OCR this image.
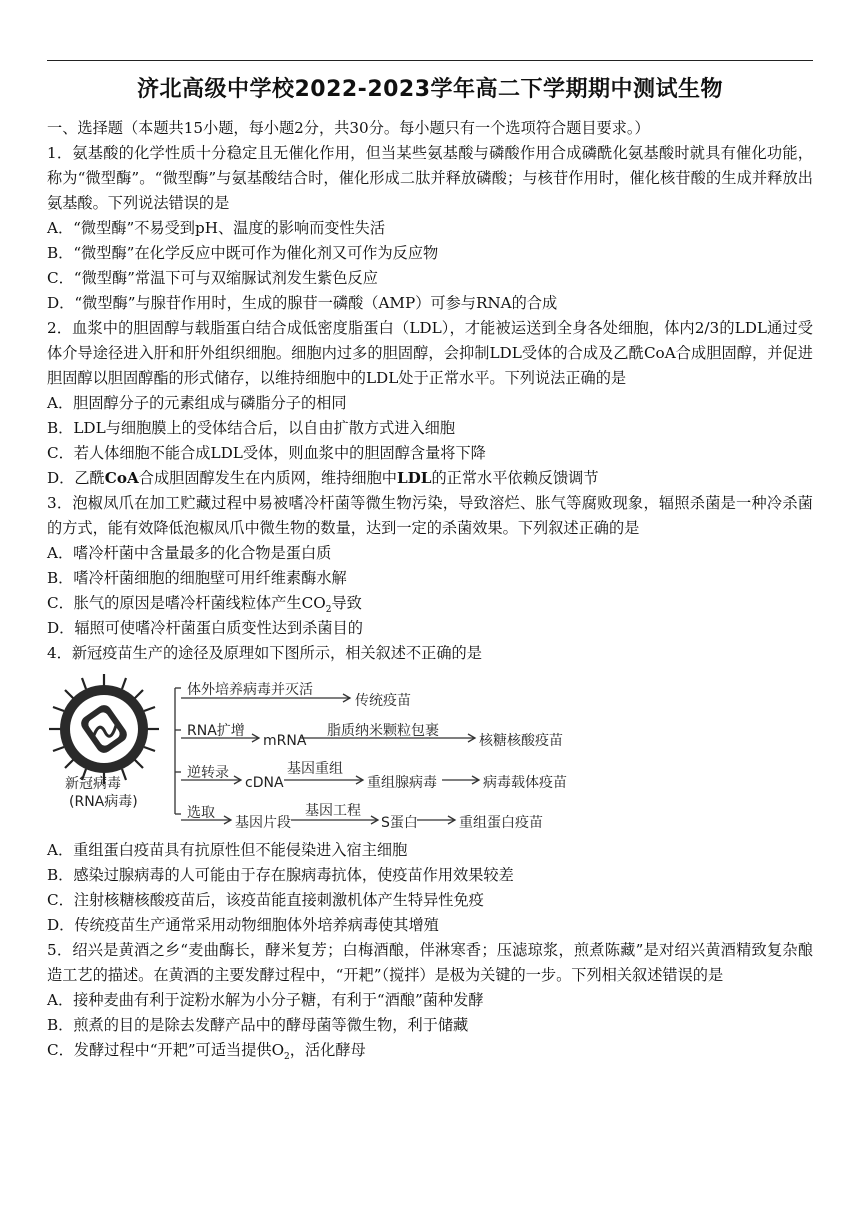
济北高级中学校2022-2023学年高二下学期期中测试生物
一、选择题（本题共15小题，每小题2分，共30分。每小题只有一个选项符合题目要求。）
1．氨基酸的化学性质十分稳定且无催化作用，但当某些氨基酸与磷酸作用合成磷酰化氨基酸时就具有催化功能，称为“微型酶”。“微型酶”与氨基酸结合时，催化形成二肽并释放磷酸；与核苷作用时，催化核苷酸的生成并释放出氨基酸。下列说法错误的是
A．“微型酶”不易受到pH、温度的影响而变性失活
B．“微型酶”在化学反应中既可作为催化剂又可作为反应物
C．“微型酶”常温下可与双缩脲试剂发生紫色反应
D．“微型酶”与腺苷作用时，生成的腺苷一磷酸（AMP）可参与RNA的合成
2．血浆中的胆固醇与载脂蛋白结合成低密度脂蛋白（LDL），才能被运送到全身各处细胞，体内2/3的LDL通过受体介导途径进入肝和肝外组织细胞。细胞内过多的胆固醇，会抑制LDL受体的合成及乙酰CoA合成胆固醇，并促进胆固醇以胆固醇酯的形式储存，以维持细胞中的LDL处于正常水平。下列说法正确的是
A．胆固醇分子的元素组成与磷脂分子的相同
B．LDL与细胞膜上的受体结合后，以自由扩散方式进入细胞
C．若人体细胞不能合成LDL受体，则血浆中的胆固醇含量将下降
D．乙酰CoA合成胆固醇发生在内质网，维持细胞中LDL的正常水平依赖反馈调节
3．泡椒凤爪在加工贮藏过程中易被嗜冷杆菌等微生物污染，导致溶烂、胀气等腐败现象，辐照杀菌是一种冷杀菌的方式，能有效降低泡椒凤爪中微生物的数量，达到一定的杀菌效果。下列叙述正确的是
A．嗜冷杆菌中含量最多的化合物是蛋白质
B．嗜冷杆菌细胞的细胞壁可用纤维素酶水解
C．胀气的原因是嗜冷杆菌线粒体产生$CO_2$导致
D．辐照可使嗜冷杆菌蛋白质变性达到杀菌目的
4．新冠疫苗生产的途径及原理如下图所示，相关叙述不正确的是
新冠病毒
(RNA病毒)
体外培养病毒并灭活
传统疫苗
RNA扩增
mRNA
脂质纳米颗粒包裹
核糖核酸疫苗
逆转录
cDNA
基因重组
重组腺病毒	病毒载体疫苗
选取
基因片段
基因工程
S蛋白	重组蛋白疫苗
A．重组蛋白疫苗具有抗原性但不能侵染进入宿主细胞
B．感染过腺病毒的人可能由于存在腺病毒抗体，使疫苗作用效果较差
C．注射核糖核酸疫苗后，该疫苗能直接刺激机体产生特异性免疫
D．传统疫苗生产通常采用动物细胞体外培养病毒使其增殖
5．绍兴是黄酒之乡“麦曲酶长，酵米复芳；白梅酒酿，伴淋寒香；压滤琼浆，煎煮陈藏”是对绍兴黄酒精致复杂酿造工艺的描述。在黄酒的主要发酵过程中，“开耙”（搅拌）是极为关键的一步。下列相关叙述错误的是
A．接种麦曲有利于淀粉水解为小分子糖，有利于“酒酿”菌种发酵
B．煎煮的目的是除去发酵产品中的酵母菌等微生物，利于储藏
C．发酵过程中“开耙”可适当提供$O_2$，活化酵母
